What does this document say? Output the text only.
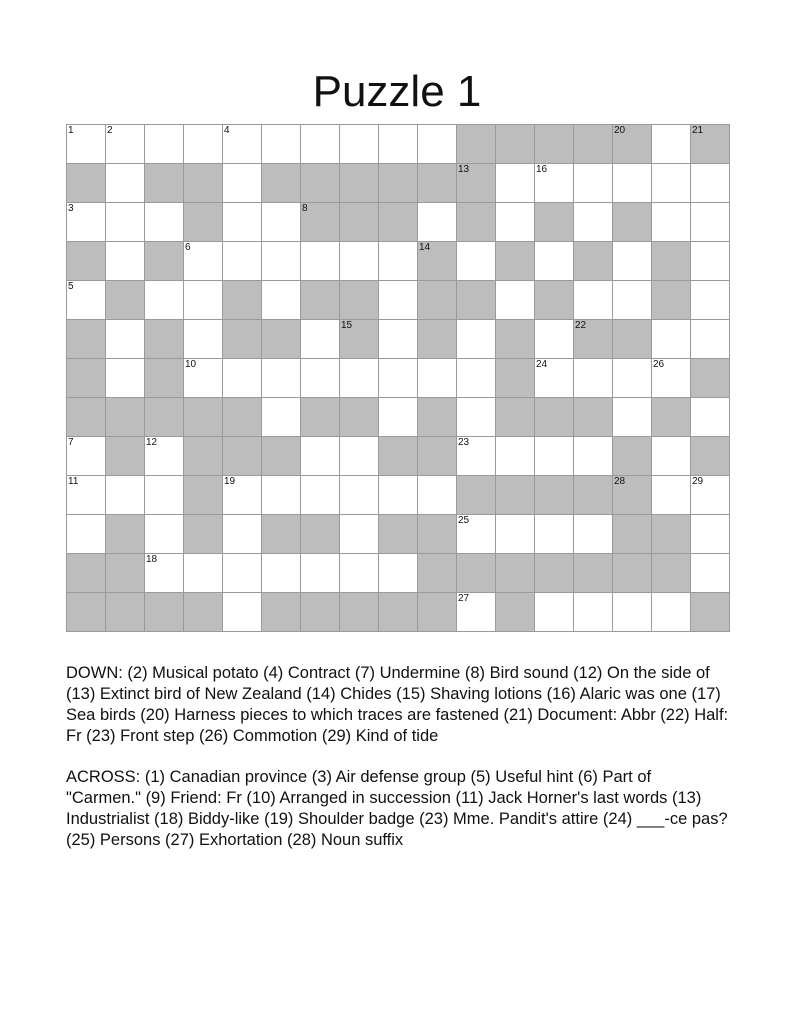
Puzzle 1
1	2	4	20	21
13	16
3	8
6	14
5
15	22
10	24	26
7	12	23
11	19	28	29
25
18
27

DOWN: (2) Musical potato (4) Contract (7) Undermine (8) Bird sound (12) On the side of (13) Extinct bird of New Zealand (14) Chides (15) Shaving lotions (16) Alaric was one (17) Sea birds (20) Harness pieces to which traces are fastened (21) Document: Abbr (22) Half: Fr (23) Front step (26) Commotion (29) Kind of tide

ACROSS: (1) Canadian province (3) Air defense group (5) Useful hint (6) Part of "Carmen." (9) Friend: Fr (10) Arranged in succession (11) Jack Horner's last words (13) Industrialist (18) Biddy-like (19) Shoulder badge (23) Mme. Pandit's attire (24) ___-ce pas? (25) Persons (27) Exhortation (28) Noun suffix
